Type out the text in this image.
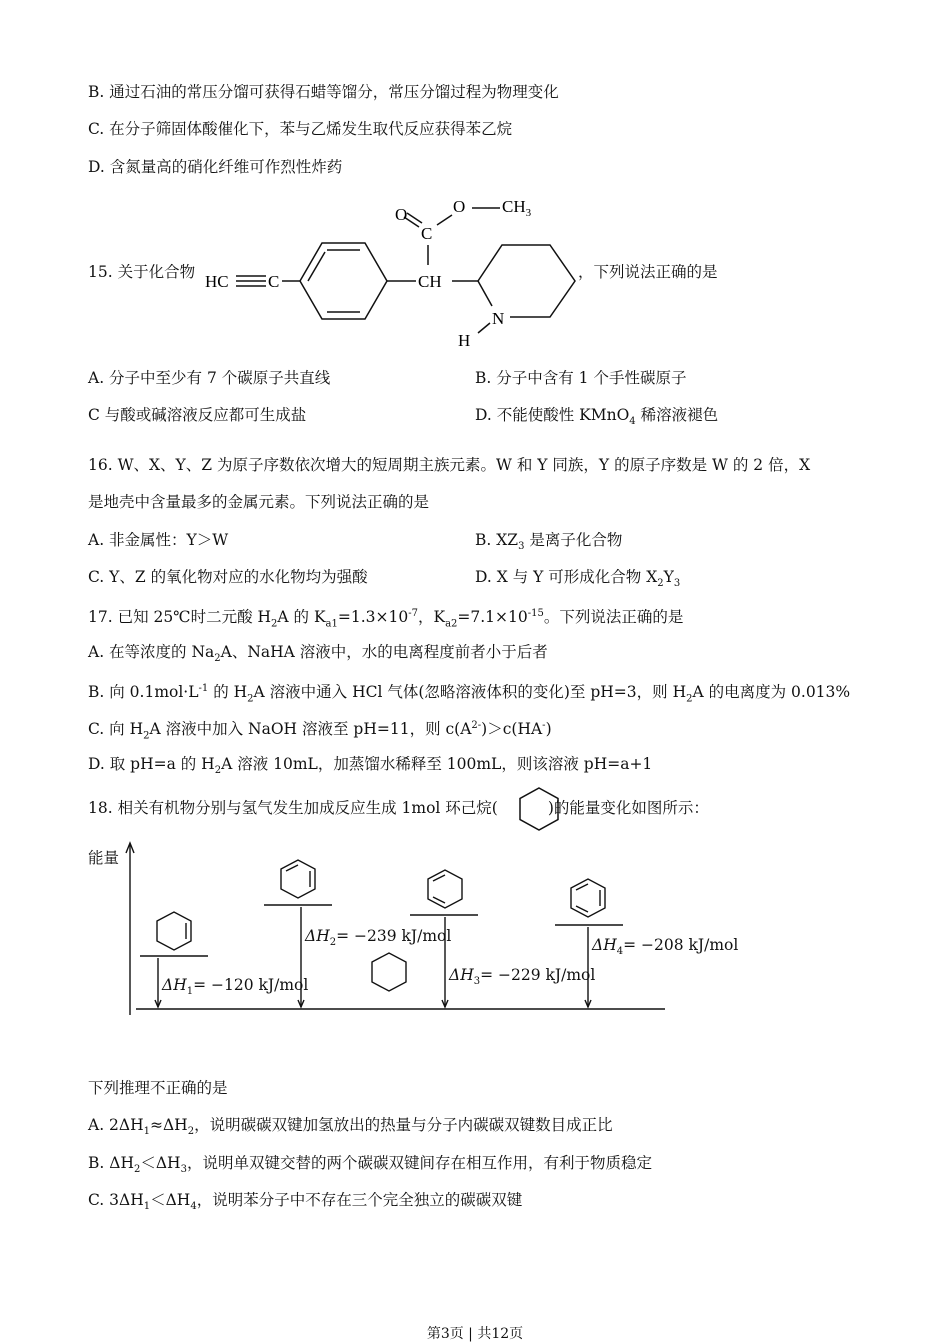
B. 通过石油的常压分馏可获得石蜡等馏分，常压分馏过程为物理变化
C. 在分子筛固体酸催化下，苯与乙烯发生取代反应获得苯乙烷
D. 含氮量高的硝化纤维可作烈性炸药
15. 关于化合物
O
C
O $CH_3$
HC C	CH
N
H
，下列说法正确的是
A. 分子中至少有 7 个碳原子共直线	B. 分子中含有 1 个手性碳原子
C 与酸或碱溶液反应都可生成盐	D. 不能使酸性 KMnO$_4$ 稀溶液褪色
16. W、X、Y、Z 为原子序数依次增大的短周期主族元素。W 和 Y 同族，Y 的原子序数是 W 的 2 倍，X
是地壳中含量最多的金属元素。下列说法正确的是
A. 非金属性：Y＞W	B. $XZ_3$ 是离子化合物
C. Y、Z 的氧化物对应的水化物均为强酸	D. X 与 Y 可形成化合物 $X_2Y_3$
17. 已知 25℃时二元酸 $H_2A$ 的 $K_{a1}=1.3\times 10^{-7}$，$K_{a2}=7.1\times 10^{-15}$。下列说法正确的是
A. 在等浓度的 $Na_2A$、NaHA 溶液中，水的电离程度前者小于后者
B. 向 $0.1mol\cdot L^{-1}$ 的 $H_2A$ 溶液中通入 HCl 气体(忽略溶液体积的变化)至 pH=3，则 $H_2A$ 的电离度为 0.013%
C. 向 $H_2A$ 溶液中加入 NaOH 溶液至 pH=11，则 $c(A^{2-})>c(HA^-)$
D. 取 pH=a 的 $H_2A$ 溶液 10mL，加蒸馏水稀释至 100mL，则该溶液 pH=a+1
18. 相关有机物分别与氢气发生加成反应生成 1mol 环己烷(	)的能量变化如图所示：
能量
$\Delta H_1= -120$ kJ/mol
$\Delta H_2= -239$ kJ/mol
$\Delta H_3= -229$ kJ/mol
$\Delta H_4= -208$ kJ/mol
下列推理不正确的是
A. $2\Delta H_1\approx\Delta H_2$，说明碳碳双键加氢放出的热量与分子内碳碳双键数目成正比
B. $\Delta H_2<\Delta H_3$，说明单双键交替的两个碳碳双键间存在相互作用，有利于物质稳定
C. $3\Delta H_1<\Delta H_4$，说明苯分子中不存在三个完全独立的碳碳双键
第3页 | 共12页
